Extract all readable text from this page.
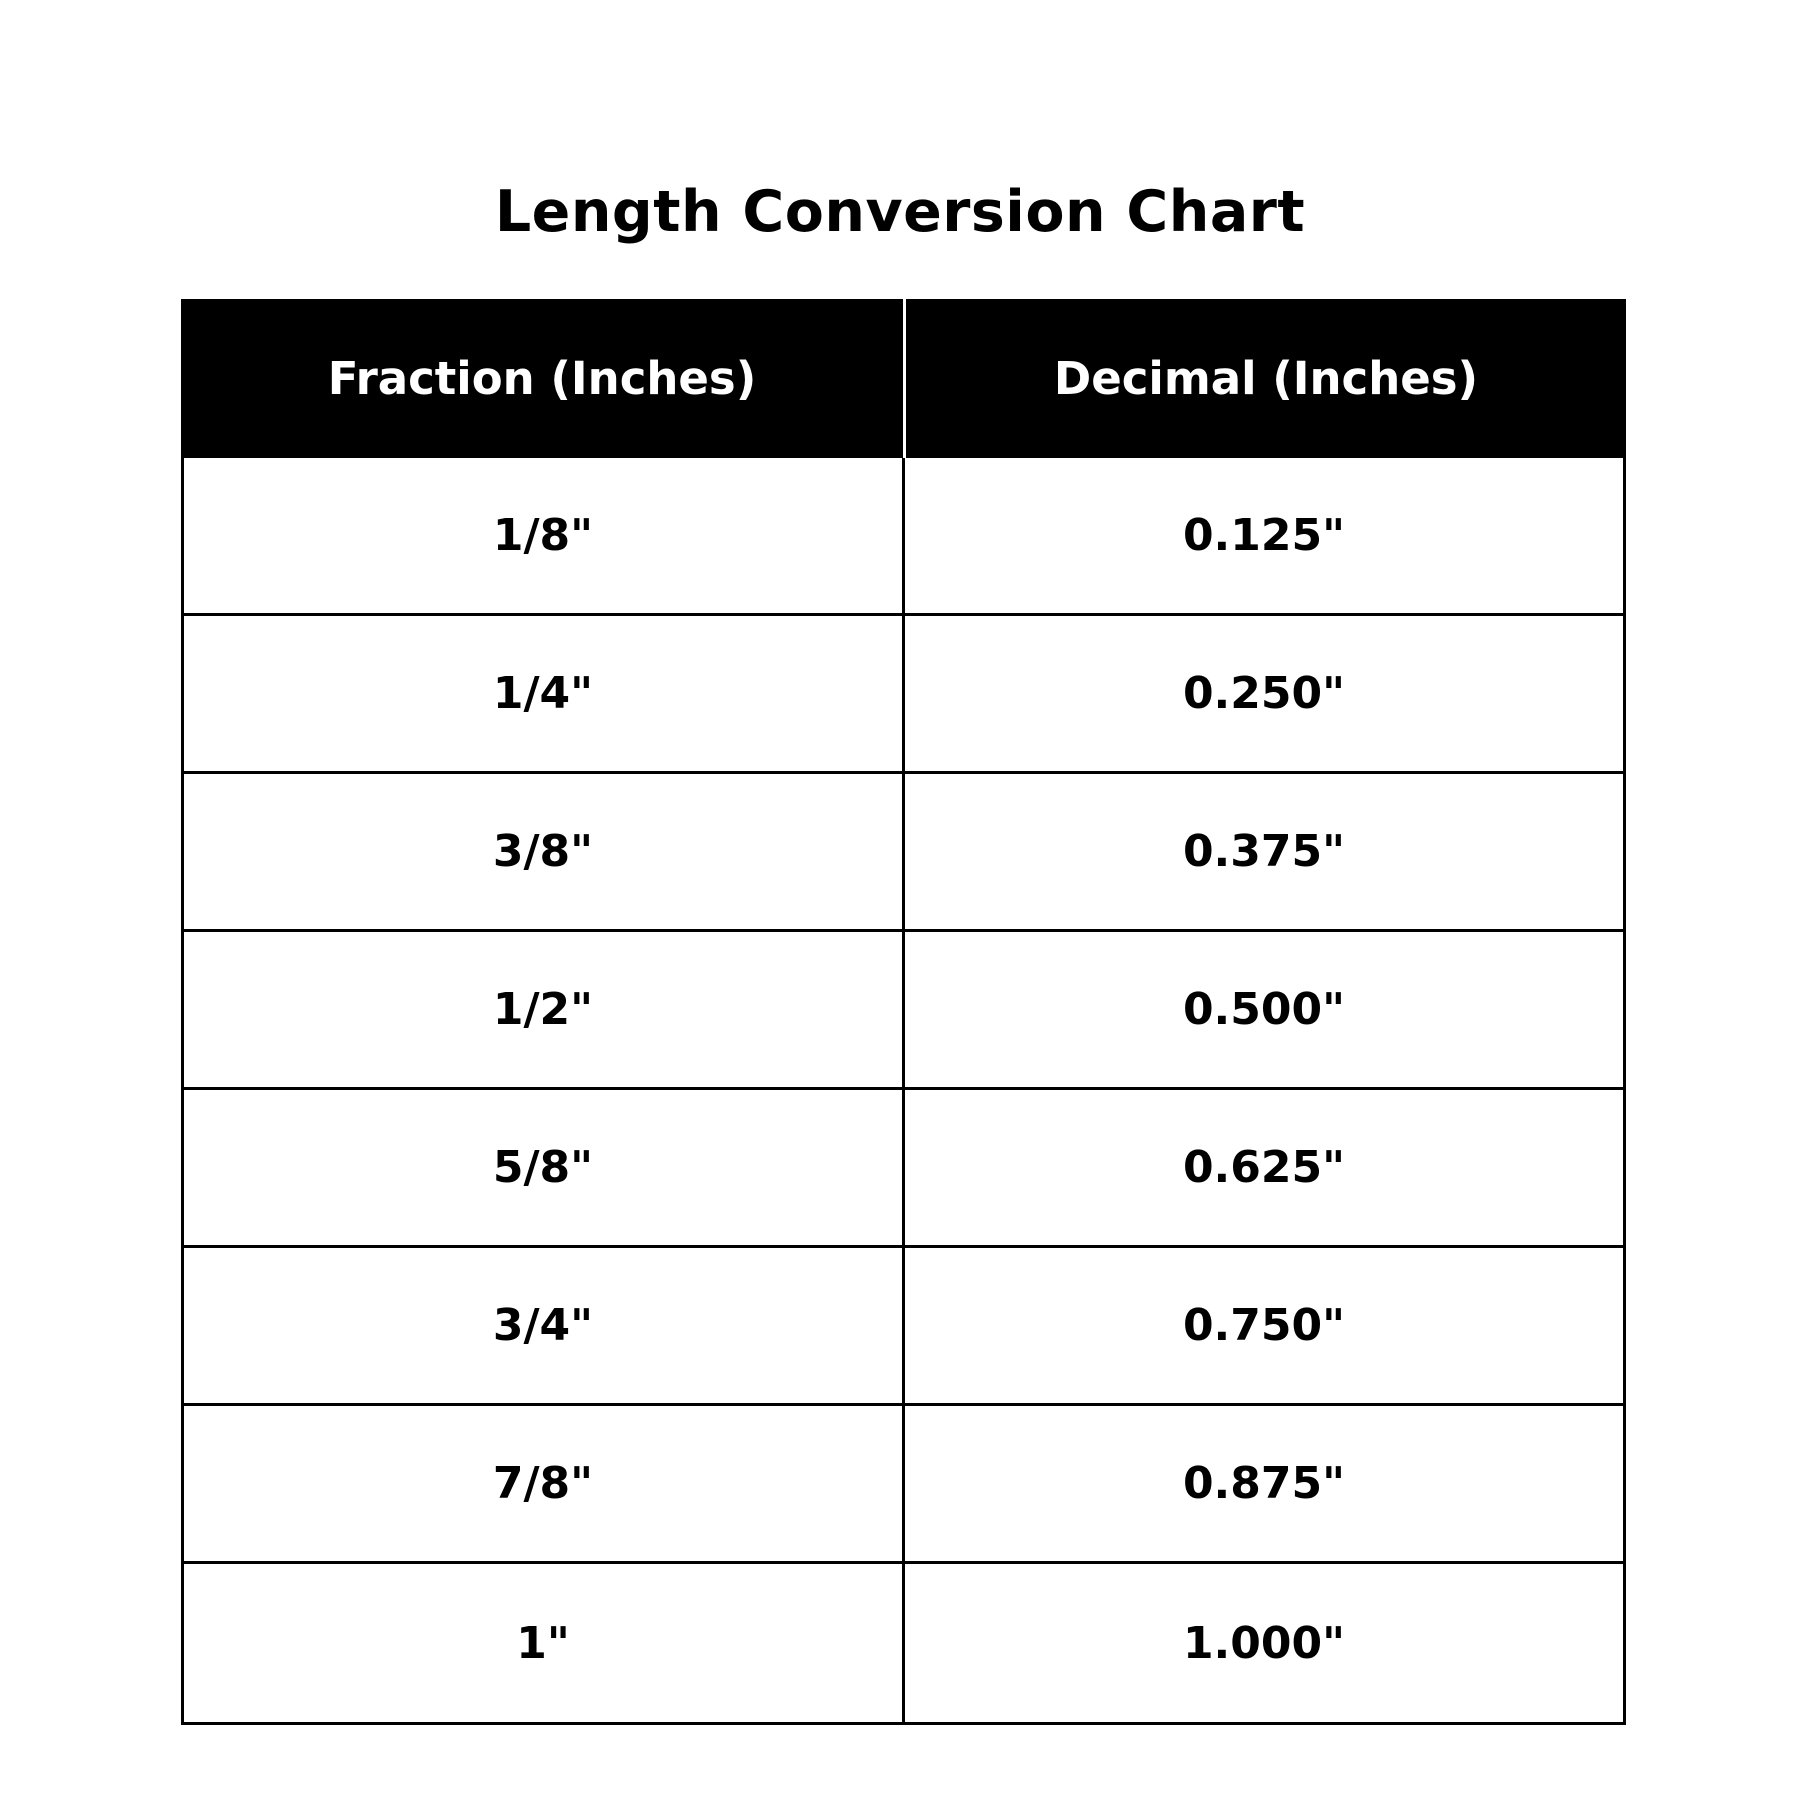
Length Conversion Chart
Fraction (Inches)	Decimal (Inches)
1/8"	0.125"
1/4"	0.250"
3/8"	0.375"
1/2"	0.500"
5/8"	0.625"
3/4"	0.750"
7/8"	0.875"
1"	1.000"
